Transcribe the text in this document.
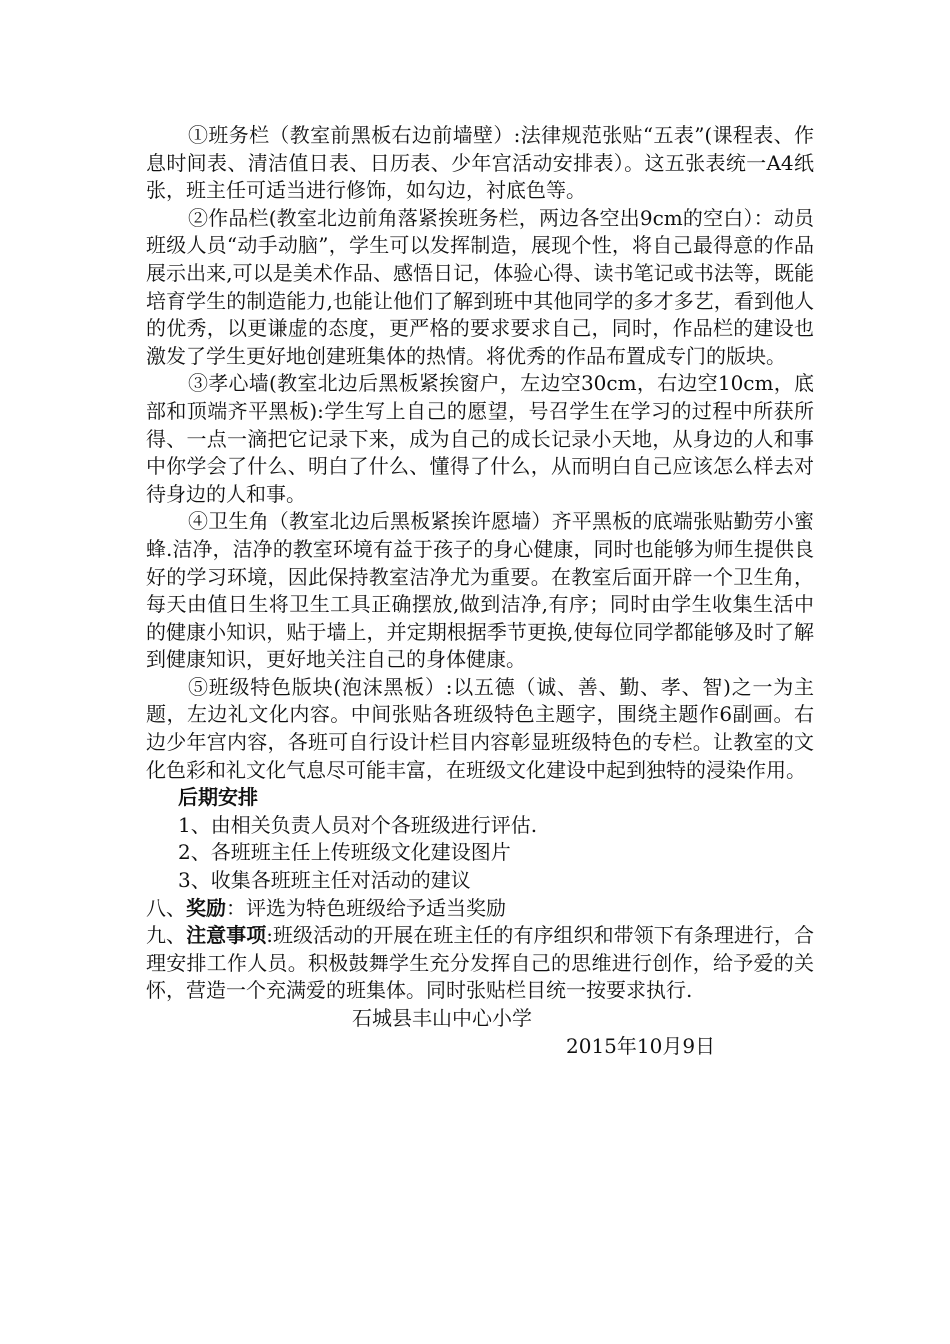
①班务栏（教室前黑板右边前墙壁）:法律规范张贴“五表”(课程表、作息时间表、清洁值日表、日历表、少年宫活动安排表）。这五张表统一A4纸张，班主任可适当进行修饰，如勾边，衬底色等。

②作品栏(教室北边前角落紧挨班务栏，两边各空出9cm的空白）：动员班级人员“动手动脑”，学生可以发挥制造，展现个性，将自己最得意的作品展示出来,可以是美术作品、感悟日记，体验心得、读书笔记或书法等，既能培育学生的制造能力,也能让他们了解到班中其他同学的多才多艺，看到他人的优秀，以更谦虚的态度，更严格的要求要求自己，同时，作品栏的建设也激发了学生更好地创建班集体的热情。将优秀的作品布置成专门的版块。

③孝心墙(教室北边后黑板紧挨窗户，左边空30cm，右边空10cm，底部和顶端齐平黑板):学生写上自己的愿望，号召学生在学习的过程中所获所得、一点一滴把它记录下来，成为自己的成长记录小天地，从身边的人和事中你学会了什么、明白了什么、懂得了什么，从而明白自己应该怎么样去对待身边的人和事。

④卫生角（教室北边后黑板紧挨许愿墙）齐平黑板的底端张贴勤劳小蜜蜂.洁净，洁净的教室环境有益于孩子的身心健康，同时也能够为师生提供良好的学习环境，因此保持教室洁净尤为重要。在教室后面开辟一个卫生角，每天由值日生将卫生工具正确摆放,做到洁净,有序；同时由学生收集生活中的健康小知识，贴于墙上，并定期根据季节更换,使每位同学都能够及时了解到健康知识，更好地关注自己的身体健康。

⑤班级特色版块(泡沫黑板）:以五德（诚、善、勤、孝、智)之一为主题，左边礼文化内容。中间张贴各班级特色主题字，围绕主题作6副画。右边少年宫内容，各班可自行设计栏目内容彰显班级特色的专栏。让教室的文化色彩和礼文化气息尽可能丰富，在班级文化建设中起到独特的浸染作用。

后期安排

1、由相关负责人员对个各班级进行评估.

2、各班班主任上传班级文化建设图片

3、收集各班班主任对活动的建议

八、奖励：评选为特色班级给予适当奖励

九、注意事项:班级活动的开展在班主任的有序组织和带领下有条理进行，合理安排工作人员。积极鼓舞学生充分发挥自己的思维进行创作，给予爱的关怀，营造一个充满爱的班集体。同时张贴栏目统一按要求执行.

石城县丰山中心小学

2015年10月9日
